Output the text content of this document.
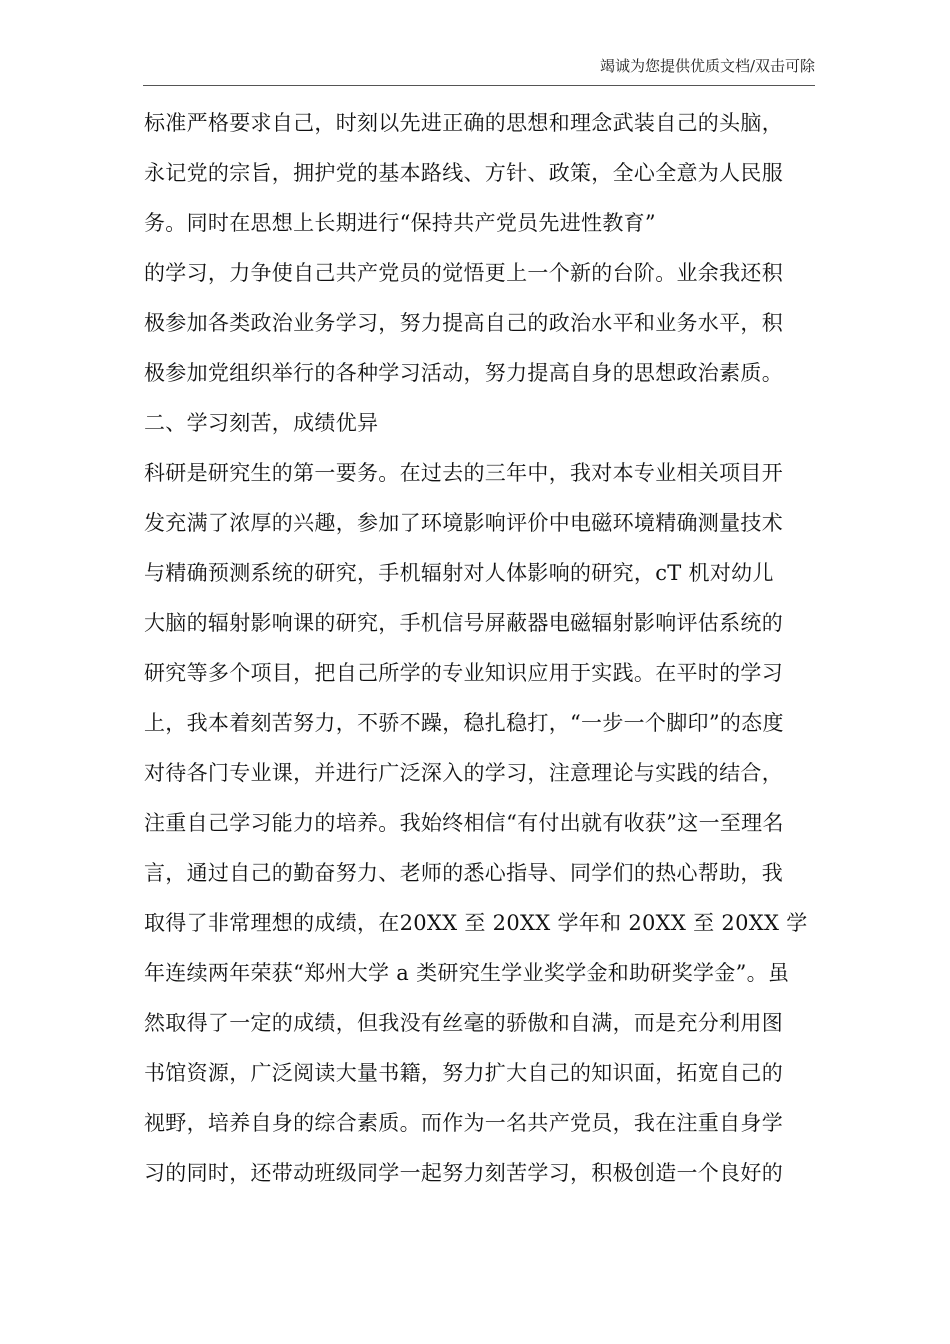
竭诚为您提供优质文档/双击可除
标准严格要求自己，时刻以先进正确的思想和理念武装自己的头脑，
永记党的宗旨，拥护党的基本路线、方针、政策，全心全意为人民服
务。同时在思想上长期进行“保持共产党员先进性教育”
的学习，力争使自己共产党员的觉悟更上一个新的台阶。业余我还积
极参加各类政治业务学习，努力提高自己的政治水平和业务水平，积
极参加党组织举行的各种学习活动，努力提高自身的思想政治素质。
二、学习刻苦，成绩优异
科研是研究生的第一要务。在过去的三年中，我对本专业相关项目开
发充满了浓厚的兴趣，参加了环境影响评价中电磁环境精确测量技术
与精确预测系统的研究，手机辐射对人体影响的研究，cT 机对幼儿
大脑的辐射影响课的研究，手机信号屏蔽器电磁辐射影响评估系统的
研究等多个项目，把自己所学的专业知识应用于实践。在平时的学习
上，我本着刻苦努力，不骄不躁，稳扎稳打，“一步一个脚印”的态度
对待各门专业课，并进行广泛深入的学习，注意理论与实践的结合，
注重自己学习能力的培养。我始终相信“有付出就有收获”这一至理名
言，通过自己的勤奋努力、老师的悉心指导、同学们的热心帮助，我
取得了非常理想的成绩，在20XX 至 20XX 学年和 20XX 至 20XX 学
年连续两年荣获“郑州大学 a 类研究生学业奖学金和助研奖学金”。虽
然取得了一定的成绩，但我没有丝毫的骄傲和自满，而是充分利用图
书馆资源，广泛阅读大量书籍，努力扩大自己的知识面，拓宽自己的
视野，培养自身的综合素质。而作为一名共产党员，我在注重自身学
习的同时，还带动班级同学一起努力刻苦学习，积极创造一个良好的
